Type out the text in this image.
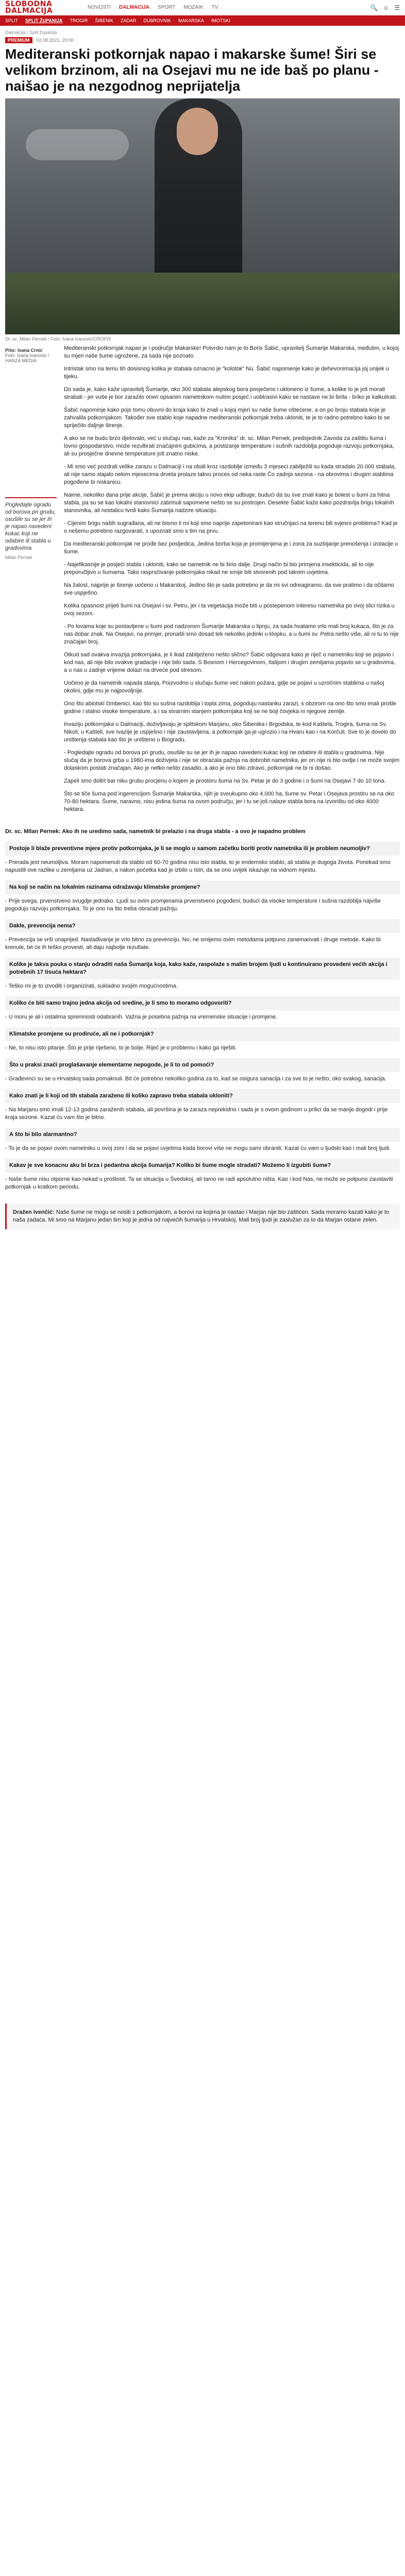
SLOBODNA
DALMACIJA	NOVOSTI DALMACIJA SPORT MOZAIK TV	🔍 ☺ ☰
SPLIT SPLIT ŽUPANIJA TROGIR ŠIBENIK ZADAR DUBROVNIK MAKARSKA IMOTSKI
Dalmacija / Split županija
PREMIUM	02.08.2021. 20:00
Mediteranski potkornjak napao i makarske šume! Širi se velikom brzinom, ali na Osejavi mu ne ide baš po planu - naišao je na nezgodnog neprijatelja
Dr. sc. Milan Pernek / Foto: Ivana Ivanović/CROPIX
Piše: Ivana Crnić
Foto: Ivana Ivanović / HANZA MEDIA
Pogledajte ogradu od borova pri grudu, osušile su se jer ih je napao navedeni kukac koji ne odabire ili stabla u gradovima
Milan Pernek

Mediteranski potkornjak napao je i područje Makarske! Potvrdio nam je to Boris Šabić, upravitelj Šumarije Makarska, međutim, u kojoj su mjeri naše šume ugrožene, za sada nije poznato.

Intristak smo na temu tih dosisnog kolika je stabala oznacno je "kolotok" Nu. Šabić napomenje kako je dehevonimacija joj unijek u tijeku.

Do sada je, kako kaže upravitelj Šumarije, oko 300 stabala alepskog bora posječeno i ukloneno iz šume, a kolike to je još morati strabati - jer vuše je bor zarazilo oneri opsanim nametnikom nuitnn posjeć i uobtrasivi kako se nastave ne bi širila - briko je kalkulirati.

Šabić napominje kako pojs tomu obuvni do kraja kako bi znali u kojoj mjeri su naše šume oštećene, a on po broju stabala koje je zahvalila potkornjakom. Također sve stablo koje napadne mediteranski potkornjak treba ukloniti, te je to radno potrebno kako bi se spriječilo daljnje širenje.

A ako se ne budu brzo djelovalo, već u slučaju nas, kaže za "Kronika" dr. sc. Milan Pernek, predsjednik Zavoda za zaštitu šuma i lovno gospodarstvo, može rezultirati značajnim gubicima, a postizanje temperature i sušnih razdoblja pogoduje razvoju potkornjaka, ali su prosječne dnevne temperature još znatno niske.

- Mi smo već pozdrali velike zarazu u Dalmaciji i na obali kroz razdoblje između 3 mjeseci zabilježili su kada stradalo 20.000 stabala, ali nije samo stajalo nekim mjesecima drveta prolaze takvu proces od neka raste Čo zadnja sezona - na obrovima i drugim stablima pogođene bi niskanicu.

Naime, nekoliko dana prije akcije, Šabić je prema akciju u novo ekip udbuge, budući da su sve znali kako je bolest u šumi za hitna stabla, pa su se kao lokalni stanovnici zabrinuli sapomene nešto se su postrojen. Desekte Šabić kaže kako pozdravlja brigu lokalnih stanovnika, ali nostalicu tvrdi kako Šumarija nadzire situaciju.

- Cijenim brigu naših sugrađana, ali ne bismo li mi koji smo naprije zapetonirani kao stručnjaci na terenu bili svjesni problema? Kad je o nešemu potrebno razgovarati, s upoznati smo s tim na prvu.

Da mediteranski potkornjak ne prođe bez posljedica, Jedina borba koja je promijenjena je i zona za suzbijanje prenošenja i izolacije u šume.

- Najefikasnije je posjeći stabla i ukloniti, kako se nametnik ne bi širio dalje. Drugi način bi bio primjena insekticida, ali to nije preporučljivo u šumama. Tako rasprsčivanje potkornjaka nikad ne smije biti stvorenih pod takvim uvjetima.

Na žalost, najprije je širenje uočeno u Makarskoj, Jedino što je sada potrebno je da mi svi odreagiramo, da sve pratimo i da očitamo sve uspješno.

Kolika opasnost prijeti šumi na Osejavi i sv. Petru, jer i ta vegetacija može biti u postepenom interesu nametnika po ovoj slici rizika u ovoj sezoni.

- Po lovama koje su postavljene u šumi pod nadzorom Šumarije Makarska u lipnju, za sada hvatamo vrlo mali broj kukaca, što je za nas dobar znak. Na Osejavi, na primjer, pronašli smo dosad tek nekoliko jedinki u klopku, a u šumi sv. Petra nešto više, ali ni tu to nije značajan broj.

Otkud sad ovakva invazija potkornjaka, je li ikad zabilježeno nešto slično? Šabić odgovara kako je riječ o nametniku koji se pojavio i kod nas, ali nije bilo ovakve gradacije i nije bilo sada. S Bosnom i Hercegovinom, Italijom i drugim zemljama pojavio se u gradovima, a u nas u zadnje vrijeme dolazi na drveće pod stresom.

Uočeno je da nametnik napada stanja, Poizvodno u slučaju šume već nakon požara, gdje se pojavi u uzročnim stablima u našoj okolini, gdje mu je najpovoljnije.

Ono što abiotski čimbenici, kao što su sušna razdoblja i topla zima, pogoduju nastanku zarazi, s obzirom na ono što smo imali prošle godine i stalno visoke temperature, a i sa stvarnim stanjem potkornjaka koji se ne boji čovjeka ni njegove zemlje.

Invaziju potkornjaka u Dalmaciji, doživljavaju je splitskom Marjanu, oko Šibenika i Brgodska, te kod Kaštela, Trogira, šuma na Sv. Nikoli, u Kašteli, sve Ivazije je uspješno i nije zaustavljena, a potkornjak ga je ugrozio i na Hvaru kao i na Korčuli. Sve to je dovelo do uništenja stabala kao što je uništeno u Biogradu.

- Pogledajte ogradu od borova pri grudu, osušile su se jer ih je napao navedeni kukac koji ne odabire ili stabla u gradovima. Nije slučaj da je borova grba u 1980-ima doživjela i nije se obraćala pažnja na dobrobit nametnika, jer on nije ni bio ovdje i ne može svojim dolaskom postati značajan. Ako je netko nešto zasadio, a ako je ono bilo zdravo, potkornjak ne bi ni došao.

Zapeli smo doltrt bar niku grubu procjenu o kojem je prostoru šuma na Sv. Petar je do 3 godine i o šumi na Osejavi 7 do 10 tona.

Što se tiče šuma pod ingerencijom Šumarije Makarska, njih je sveukupno oko 4.000 ha, šume sv. Petar i Osejava prostiru se na oko 70-80 hektara. Šume, naravno, nisu jedina šuma na ovom području, jer i tu se još nalaze stabla bora na izvorištu od oko 4000 hektara.

Dr. sc. Milan Pernek: Ako ih ne uredimo sada, nametnik bi prelazio i na druga stabla - a ovo je napadno problem
Postoje li blaže preventivne mjere protiv potkornjaka, je li se moglo u samom začetku boriti protiv nametnika ili je problem neumoljiv?

- Prerada jest neumoljiva. Moram napomenuti da stablo od 60-70 godina nisu isto stabla, to je endemsko stablo, ali stabla je dugoga života. Ponekad smo napustili ove razlike u zemljama uz Jadran, a nakon početka kad je izbilo u Istri, da se ono uvijek iskazuje na vidnom mjestu.

Na koji se način na lokalnim razinama odražavaju klimatske promjene?

- Prije svega, prvenstveno svugdje jednako. Ljudi su ovim promjenama prvenstveno pogođeni, budući da visoke temperature i sušna razdoblja najviše pogoduju razvoju potkornjaka. To je ono na što treba obraćati pažnju.

Dakle, prevencija nema?

- Prevencija se vrši unaprijed. Naslađivanje je vrlo bitno za prevenciju. No, ne smijemo ovim metodama potpuno zanemarivati i druge metode. Kako bi krenule, bit će ih teško provesti, ali daju najbolje rezultate.

Kolike je takva pouka o stanju odraditi naša Šumarija koja, kako kaže, raspolaže s malim brojem ljudi u kontinuirano provedeni većih akcija i potrebnih 17 tisuća hektara?

- Teško mi je to izvoditi i organizirati, sukladno svojim mogućnostima.

Koliko će biti samo trajno jedna akcija od sredine, je li smo to moramo odgovoriti?

- U moru je ali i ostalima spremnosti odabranih. Važna je posebna pažnja na vremenske situacije i promjene.

Klimatske promjene su prodiruće, ali ne i potkornjak?

- Ne, to nisu isto pitanje. Što je prije riješeno, to je bolje. Riječ je o problemu i kako ga riješiti.

Što u praksi znači proglašavanje elementarne nepogode, je li to od pomoći?

- Građevinci su se u Hrvatskoj sada pomaknuli. Bit će potrebno nekoliko godina za to, kad se osigura sanacija i za sve to je nešto, oko svakog, sanacija.

Kako znati je li koji od tih stabala zaraženo ili koliko zapravo treba stabala ukloniti?

- Na Marjanu smo imali 12-13 godina zaraženih stabala, ali površina je ta zaraza neprekidno i sada je s ovom godinom u prilici da se manje dogodi i prije kraja sezone. Kazat ću vam što je bitno.

A što bi bilo alarmantno?

- To je da se pojavi ovom nametniku u ovoj zoni i da se pojavi uvjetima kada borovi više ne mogu sami obraniti. Kazat ću vam u ljudski kao i mali broj ljudi.

Kakav je sve konacnu aku bi brza i pedantna akcija šumarija? Koliko bi šume mogle stradati? Možemo li izgubiti šume?

- Naše šume nisu otporne kao nekad u prošlosti. Ta se situacija u Švedskoj, ali tamo ne radi apsolutno ništa. Kao i kod Nas, ne može se potpuno zaustaviti potkornjak u kratkom periodu.

Dražen Ivenčić: Naše šume ne mogu se nositi s potkornjakom, a borovi na kojima je nastao i Marjan nije bio zaštićen. Sada moramo kazati kako je to naša zadaća. Mi smo na Marjanu jedan tim koji je jedna od najvećih šumarija u Hrvatskoj. Mali broj ljudi je zaslužan za to da Marjan ostane zelen.
